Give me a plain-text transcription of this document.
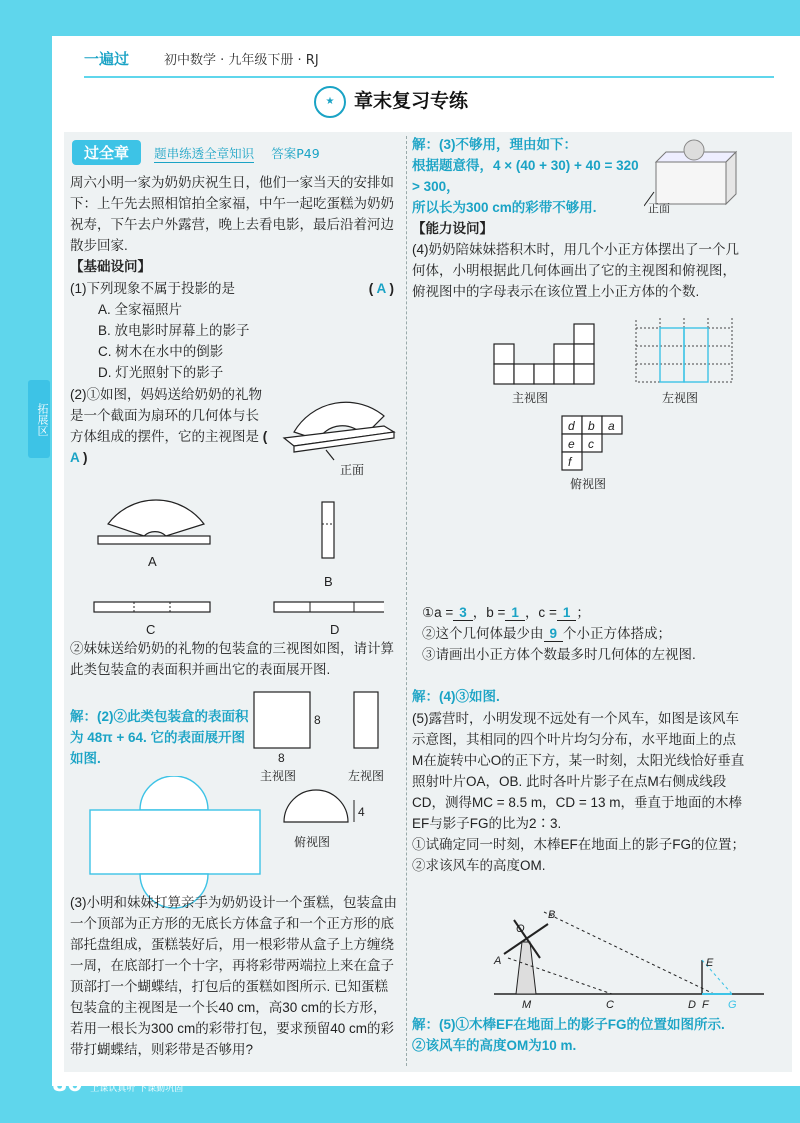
拓展区
一遍过	初中数学 · 九年级下册 · RJ
★	章末复习专练
过全章 题串练透全章知识 答案P49
周六小明一家为奶奶庆祝生日，他们一家当天的安排如下：上午先去照相馆拍全家福，中午一起吃蛋糕为奶奶祝寿，下午去户外露营，晚上去看电影，最后沿着河边散步回家.
【基础设问】
(1)下列现象不属于投影的是	( A )
A. 全家福照片
B. 放电影时屏幕上的影子
C. 树木在水中的倒影
D. 灯光照射下的影子
(2)①如图，妈妈送给奶奶的礼物是一个截面为扇环的几何体与长方体组成的摆件，它的主视图是 ( A )
正面
A
B
C	D
②妹妹送给奶奶的礼物的包装盒的三视图如图，请计算此类包装盒的表面积并画出它的表面展开图.
解：(2)②此类包装盒的表面积为 48π + 64. 它的表面展开图如图.
8
8
主视图	左视图
4
俯视图
(3)小明和妹妹打算亲手为奶奶设计一个蛋糕，包装盒由一个顶部为正方形的无底长方体盒子和一个正方形的底部托盘组成，蛋糕装好后，用一根彩带从盒子上方缠绕一周，在底部打一个十字，再将彩带两端拉上来在盒子顶部打一个蝴蝶结，打包后的蛋糕如图所示. 已知蛋糕包装盒的主视图是一个长40 cm，高30 cm的长方形，若用一根长为300 cm的彩带打包，要求预留40 cm的彩带打蝴蝶结，则彩带是否够用?
解：(3)不够用，理由如下：
根据题意得，4 × (40 + 30) + 40 = 320 > 300，
所以长为300 cm的彩带不够用.	正面
【能力设问】
(4)奶奶陪妹妹搭积木时，用几个小正方体摆出了一个几何体，小明根据此几何体画出了它的主视图和俯视图，俯视图中的字母表示在该位置上小正方体的个数.
主视图	左视图
d b a
e c
f
俯视图
①a = 3 ，b = 1 ，c = 1 ；
②这个几何体最少由 9 个小正方体搭成；
③请画出小正方体个数最多时几何体的左视图.
解：(4)③如图.
(5)露营时，小明发现不远处有一个风车，如图是该风车示意图，其相同的四个叶片均匀分布，水平地面上的点M在旋转中心O的正下方，某一时刻，太阳光线恰好垂直照射叶片OA，OB. 此时各叶片影子在点M右侧成线段CD，测得MC = 8.5 m，CD = 13 m，垂直于地面的木棒EF与影子FG的比为2∶3.
①试确定同一时刻，木棒EF在地面上的影子FG的位置；
②求该风车的高度OM.
B
O
A
M	C	D F G
E
解：(5)①木棒EF在地面上的影子FG的位置如图所示.
②该风车的高度OM为10 m.
80 上课认真听 下课勤巩固
